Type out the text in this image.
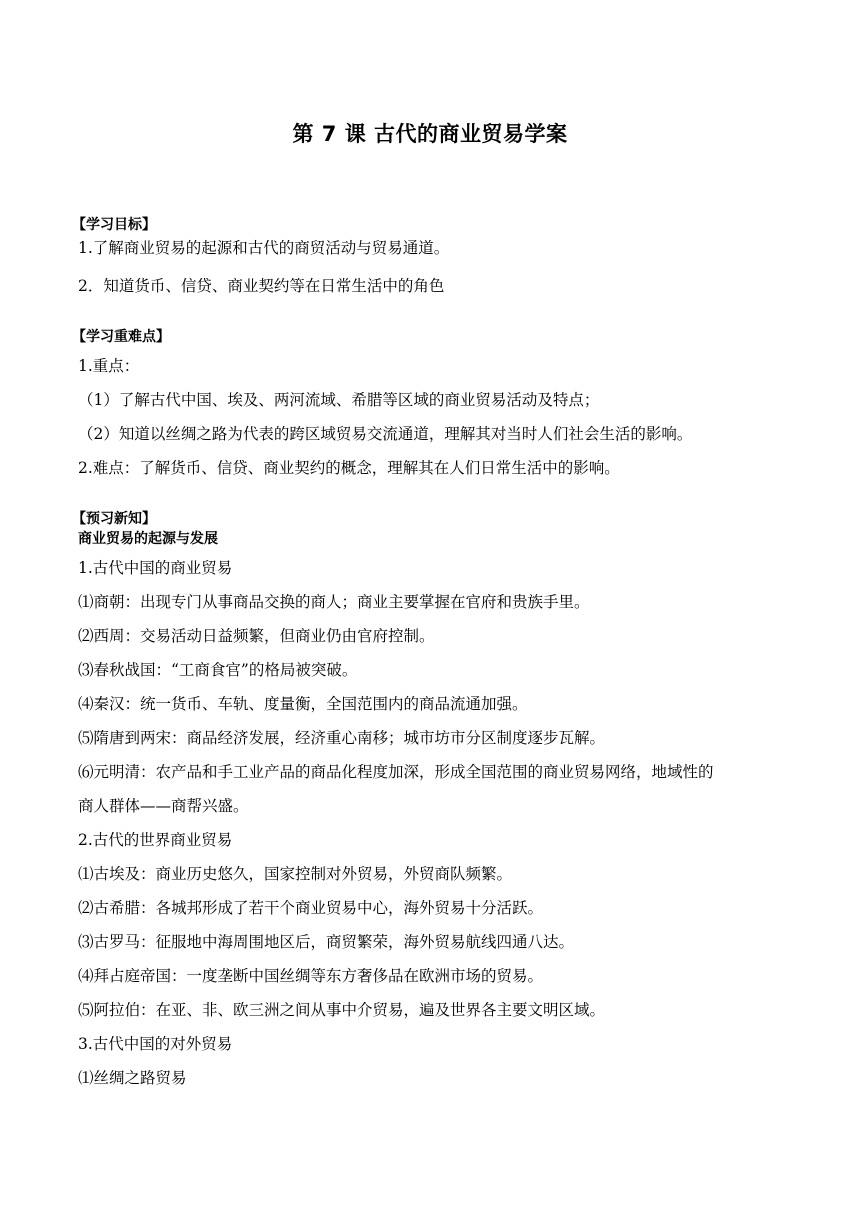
第 7 课 古代的商业贸易学案
【学习目标】
1.了解商业贸易的起源和古代的商贸活动与贸易通道。
2．知道货币、信贷、商业契约等在日常生活中的角色
【学习重难点】
1.重点：
（1）了解古代中国、埃及、两河流域、希腊等区域的商业贸易活动及特点；
（2）知道以丝绸之路为代表的跨区域贸易交流通道，理解其对当时人们社会生活的影响。
2.难点：了解货币、信贷、商业契约的概念，理解其在人们日常生活中的影响。
【预习新知】
商业贸易的起源与发展
1.古代中国的商业贸易
⑴商朝：出现专门从事商品交换的商人；商业主要掌握在官府和贵族手里。
⑵西周：交易活动日益频繁，但商业仍由官府控制。
⑶春秋战国：“工商食官”的格局被突破。
⑷秦汉：统一货币、车轨、度量衡，全国范围内的商品流通加强。
⑸隋唐到两宋：商品经济发展，经济重心南移；城市坊市分区制度逐步瓦解。
⑹元明清：农产品和手工业产品的商品化程度加深，形成全国范围的商业贸易网络，地域性的
商人群体——商帮兴盛。
2.古代的世界商业贸易
⑴古埃及：商业历史悠久，国家控制对外贸易，外贸商队频繁。
⑵古希腊：各城邦形成了若干个商业贸易中心，海外贸易十分活跃。
⑶古罗马：征服地中海周围地区后，商贸繁荣，海外贸易航线四通八达。
⑷拜占庭帝国：一度垄断中国丝绸等东方奢侈品在欧洲市场的贸易。
⑸阿拉伯：在亚、非、欧三洲之间从事中介贸易，遍及世界各主要文明区域。
3.古代中国的对外贸易
⑴丝绸之路贸易
